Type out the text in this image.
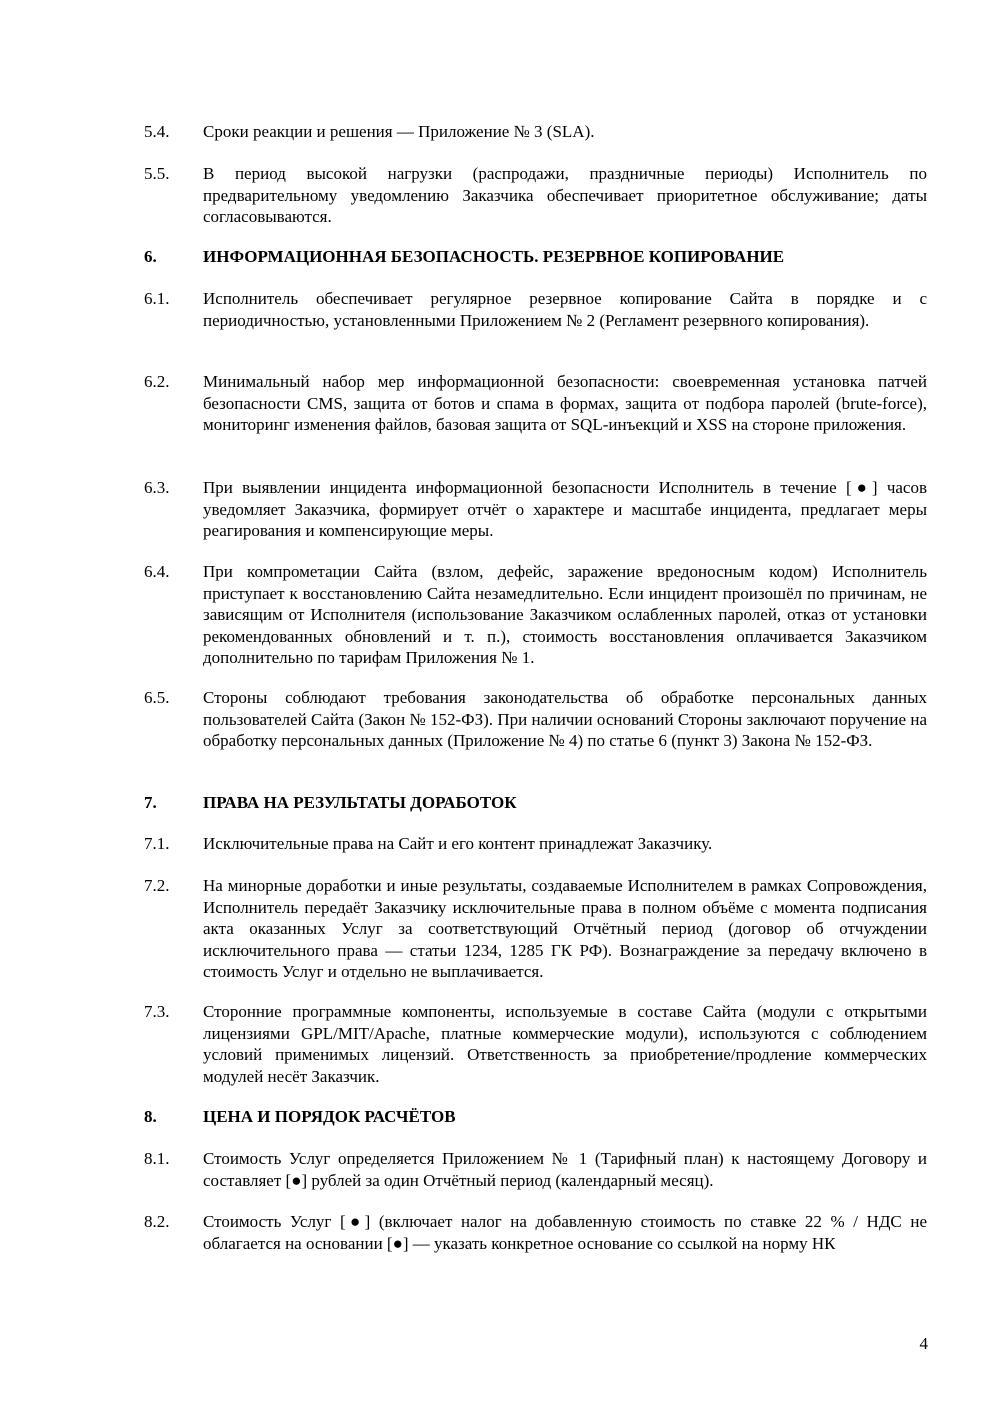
5.4. Сроки реакции и решения — Приложение № 3 (SLA).
5.5. В период высокой нагрузки (распродажи, праздничные периоды) Исполнитель по предварительному уведомлению Заказчика обеспечивает приоритетное обслуживание; даты согласовываются.
6.	ИНФОРМАЦИОННАЯ БЕЗОПАСНОСТЬ. РЕЗЕРВНОЕ КОПИРОВАНИЕ
6.1. Исполнитель обеспечивает регулярное резервное копирование Сайта в порядке и с периодичностью, установленными Приложением № 2 (Регламент резервного копирования).
6.2. Минимальный набор мер информационной безопасности: своевременная установка патчей безопасности CMS, защита от ботов и спама в формах, защита от подбора паролей (brute-force), мониторинг изменения файлов, базовая защита от SQL-инъекций и XSS на стороне приложения.
6.3. При выявлении инцидента информационной безопасности Исполнитель в течение [●] часов уведомляет Заказчика, формирует отчёт о характере и масштабе инцидента, предлагает меры реагирования и компенсирующие меры.
6.4. При компрометации Сайта (взлом, дефейс, заражение вредоносным кодом) Исполнитель приступает к восстановлению Сайта незамедлительно. Если инцидент произошёл по причинам, не зависящим от Исполнителя (использование Заказчиком ослабленных паролей, отказ от установки рекомендованных обновлений и т. п.), стоимость восстановления оплачивается Заказчиком дополнительно по тарифам Приложения № 1.
6.5. Стороны соблюдают требования законодательства об обработке персональных данных пользователей Сайта (Закон № 152-ФЗ). При наличии оснований Стороны заключают поручение на обработку персональных данных (Приложение № 4) по статье 6 (пункт 3) Закона № 152-ФЗ.
7.	ПРАВА НА РЕЗУЛЬТАТЫ ДОРАБОТОК
7.1. Исключительные права на Сайт и его контент принадлежат Заказчику.
7.2. На минорные доработки и иные результаты, создаваемые Исполнителем в рамках Сопровождения, Исполнитель передаёт Заказчику исключительные права в полном объёме с момента подписания акта оказанных Услуг за соответствующий Отчётный период (договор об отчуждении исключительного права — статьи 1234, 1285 ГК РФ). Вознаграждение за передачу включено в стоимость Услуг и отдельно не выплачивается.
7.3. Сторонние программные компоненты, используемые в составе Сайта (модули с открытыми лицензиями GPL/MIT/Apache, платные коммерческие модули), используются с соблюдением условий применимых лицензий. Ответственность за приобретение/продление коммерческих модулей несёт Заказчик.
8.	ЦЕНА И ПОРЯДОК РАСЧЁТОВ
8.1. Стоимость Услуг определяется Приложением № 1 (Тарифный план) к настоящему Договору и составляет [●] рублей за один Отчётный период (календарный месяц).
8.2. Стоимость Услуг [●] (включает налог на добавленную стоимость по ставке 22 % / НДС не облагается на основании [●] — указать конкретное основание со ссылкой на норму НК
4
